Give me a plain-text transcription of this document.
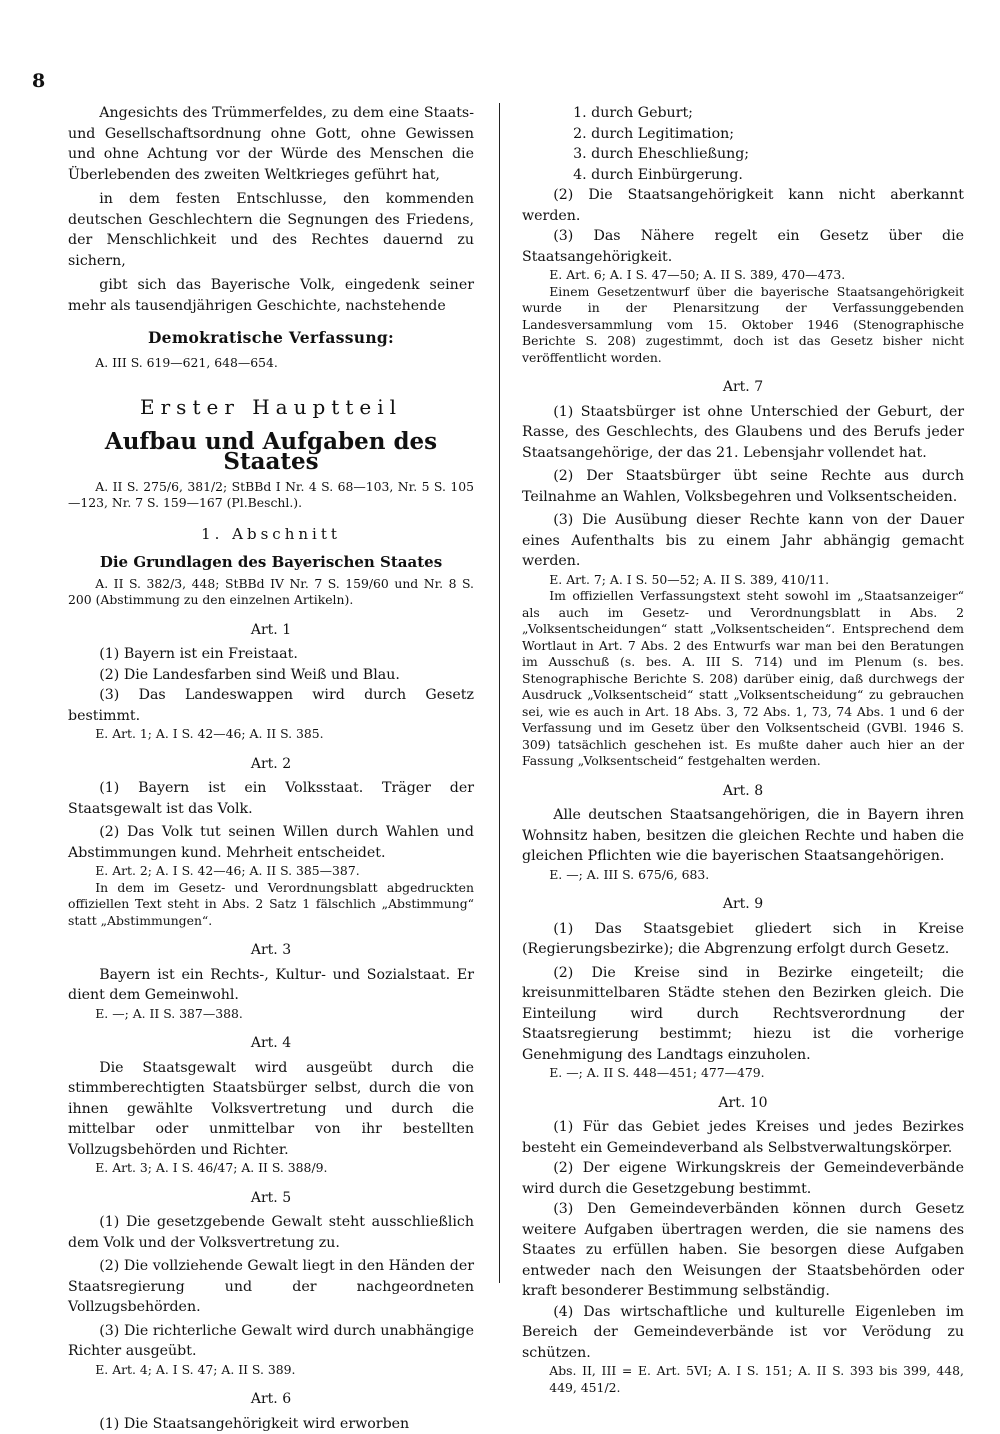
8

Angesichts des Trümmerfeldes, zu dem eine Staats- und Gesellschaftsordnung ohne Gott, ohne Gewissen und ohne Achtung vor der Würde des Menschen die Überlebenden des zweiten Weltkrieges geführt hat,

in dem festen Entschlusse, den kommenden deutschen Geschlechtern die Segnungen des Friedens, der Menschlichkeit und des Rechtes dauernd zu sichern,

gibt sich das Bayerische Volk, eingedenk seiner mehr als tausendjährigen Geschichte, nachstehende

Demokratische Verfassung:

A. III S. 619—621, 648—654.

Erster Hauptteil
Aufbau und Aufgaben des Staates

A. II S. 275/6, 381/2; StBBd I Nr. 4 S. 68—103, Nr. 5 S. 105—123, Nr. 7 S. 159—167 (Pl.Beschl.).

1. Abschnitt
Die Grundlagen des Bayerischen Staates

A. II S. 382/3, 448; StBBd IV Nr. 7 S. 159/60 und Nr. 8 S. 200 (Abstimmung zu den einzelnen Artikeln).

Art. 1

(1) Bayern ist ein Freistaat.

(2) Die Landesfarben sind Weiß und Blau.

(3) Das Landeswappen wird durch Gesetz bestimmt.

E. Art. 1; A. I S. 42—46; A. II S. 385.

Art. 2

(1) Bayern ist ein Volksstaat. Träger der Staatsgewalt ist das Volk.

(2) Das Volk tut seinen Willen durch Wahlen und Abstimmungen kund. Mehrheit entscheidet.

E. Art. 2; A. I S. 42—46; A. II S. 385—387.

In dem im Gesetz- und Verordnungsblatt abgedruckten offiziellen Text steht in Abs. 2 Satz 1 fälschlich „Abstimmung“ statt „Abstimmungen“.

Art. 3

Bayern ist ein Rechts-, Kultur- und Sozialstaat. Er dient dem Gemeinwohl.

E. —; A. II S. 387—388.

Art. 4

Die Staatsgewalt wird ausgeübt durch die stimmberechtigten Staatsbürger selbst, durch die von ihnen gewählte Volksvertretung und durch die mittelbar oder unmittelbar von ihr bestellten Vollzugsbehörden und Richter.

E. Art. 3; A. I S. 46/47; A. II S. 388/9.

Art. 5

(1) Die gesetzgebende Gewalt steht ausschließlich dem Volk und der Volksvertretung zu.

(2) Die vollziehende Gewalt liegt in den Händen der Staatsregierung und der nachgeordneten Vollzugsbehörden.

(3) Die richterliche Gewalt wird durch unabhängige Richter ausgeübt.

E. Art. 4; A. I S. 47; A. II S. 389.

Art. 6

(1) Die Staatsangehörigkeit wird erworben

1. durch Geburt;

2. durch Legitimation;

3. durch Eheschließung;

4. durch Einbürgerung.

(2) Die Staatsangehörigkeit kann nicht aberkannt werden.

(3) Das Nähere regelt ein Gesetz über die Staatsangehörigkeit.

E. Art. 6; A. I S. 47—50; A. II S. 389, 470—473.

Einem Gesetzentwurf über die bayerische Staatsangehörigkeit wurde in der Plenarsitzung der Verfassunggebenden Landesversammlung vom 15. Oktober 1946 (Stenographische Berichte S. 208) zugestimmt, doch ist das Gesetz bisher nicht veröffentlicht worden.

Art. 7

(1) Staatsbürger ist ohne Unterschied der Geburt, der Rasse, des Geschlechts, des Glaubens und des Berufs jeder Staatsangehörige, der das 21. Lebensjahr vollendet hat.

(2) Der Staatsbürger übt seine Rechte aus durch Teilnahme an Wahlen, Volksbegehren und Volksentscheiden.

(3) Die Ausübung dieser Rechte kann von der Dauer eines Aufenthalts bis zu einem Jahr abhängig gemacht werden.

E. Art. 7; A. I S. 50—52; A. II S. 389, 410/11.

Im offiziellen Verfassungstext steht sowohl im „Staatsanzeiger“ als auch im Gesetz- und Verordnungsblatt in Abs. 2 „Volksentscheidungen“ statt „Volksentscheiden“. Entsprechend dem Wortlaut in Art. 7 Abs. 2 des Entwurfs war man bei den Beratungen im Ausschuß (s. bes. A. III S. 714) und im Plenum (s. bes. Stenographische Berichte S. 208) darüber einig, daß durchwegs der Ausdruck „Volksentscheid“ statt „Volksentscheidung“ zu gebrauchen sei, wie es auch in Art. 18 Abs. 3, 72 Abs. 1, 73, 74 Abs. 1 und 6 der Verfassung und im Gesetz über den Volksentscheid (GVBl. 1946 S. 309) tatsächlich geschehen ist. Es mußte daher auch hier an der Fassung „Volksentscheid“ festgehalten werden.

Art. 8

Alle deutschen Staatsangehörigen, die in Bayern ihren Wohnsitz haben, besitzen die gleichen Rechte und haben die gleichen Pflichten wie die bayerischen Staatsangehörigen.

E. —; A. III S. 675/6, 683.

Art. 9

(1) Das Staatsgebiet gliedert sich in Kreise (Regierungsbezirke); die Abgrenzung erfolgt durch Gesetz.

(2) Die Kreise sind in Bezirke eingeteilt; die kreisunmittelbaren Städte stehen den Bezirken gleich. Die Einteilung wird durch Rechtsverordnung der Staatsregierung bestimmt; hiezu ist die vorherige Genehmigung des Landtags einzuholen.

E. —; A. II S. 448—451; 477—479.

Art. 10

(1) Für das Gebiet jedes Kreises und jedes Bezirkes besteht ein Gemeindeverband als Selbstverwaltungskörper.

(2) Der eigene Wirkungskreis der Gemeindeverbände wird durch die Gesetzgebung bestimmt.

(3) Den Gemeindeverbänden können durch Gesetz weitere Aufgaben übertragen werden, die sie namens des Staates zu erfüllen haben. Sie besorgen diese Aufgaben entweder nach den Weisungen der Staatsbehörden oder kraft besonderer Bestimmung selbständig.

(4) Das wirtschaftliche und kulturelle Eigenleben im Bereich der Gemeindeverbände ist vor Verödung zu schützen.

Abs. II, III = E. Art. 5VI; A. I S. 151; A. II S. 393 bis 399, 448, 449, 451/2.
